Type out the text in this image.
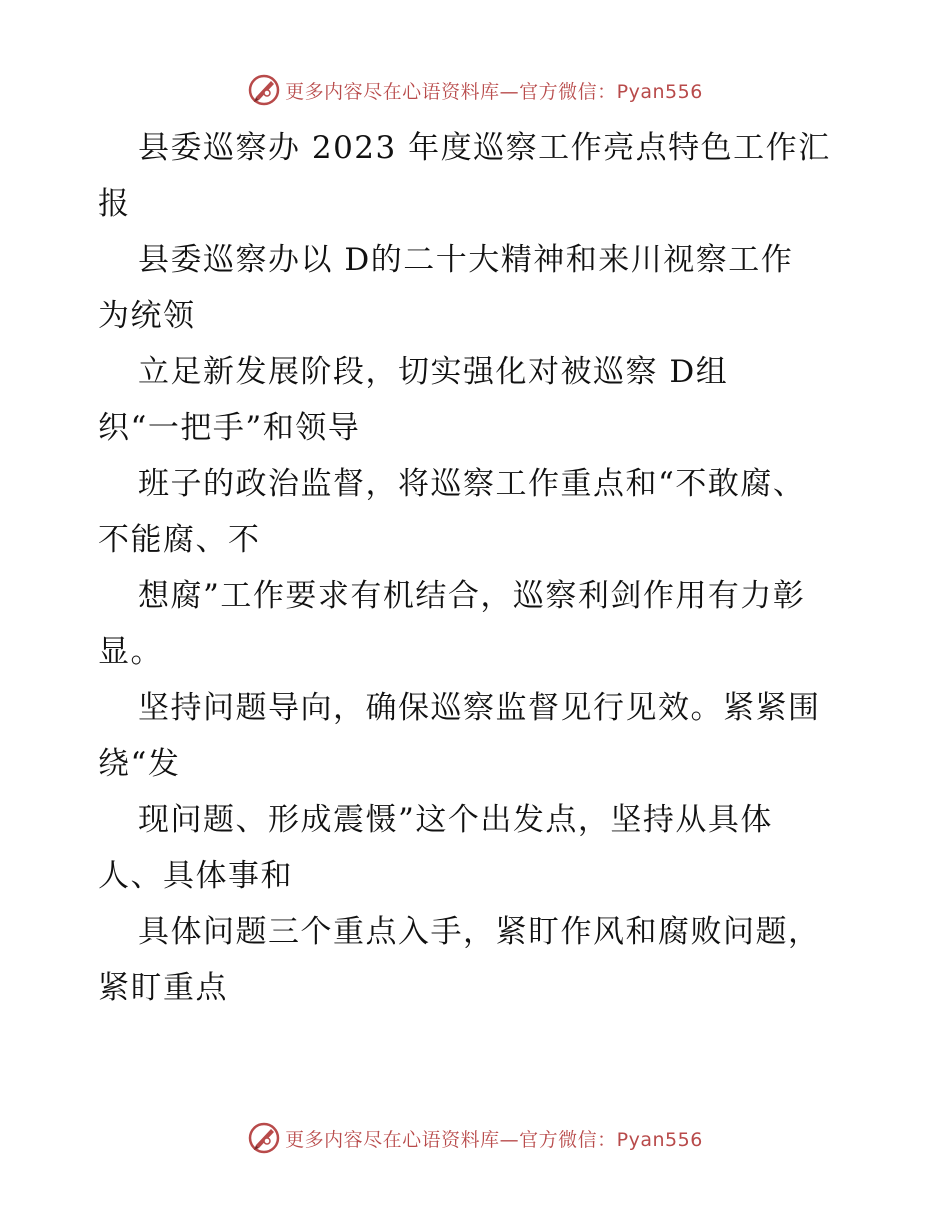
更多内容尽在心语资料库—官方微信：Pyan556
县委巡察办 2023 年度巡察工作亮点特色工作汇
报
县委巡察办以 D的二十大精神和来川视察工作
为统领
立足新发展阶段，切实强化对被巡察 D组
织“一把手”和领导
班子的政治监督，将巡察工作重点和“不敢腐、
不能腐、不
想腐”工作要求有机结合，巡察利剑作用有力彰
显。
坚持问题导向，确保巡察监督见行见效。紧紧围
绕“发
现问题、形成震慑”这个出发点，坚持从具体
人、具体事和
具体问题三个重点入手，紧盯作风和腐败问题，
紧盯重点
更多内容尽在心语资料库—官方微信：Pyan556
